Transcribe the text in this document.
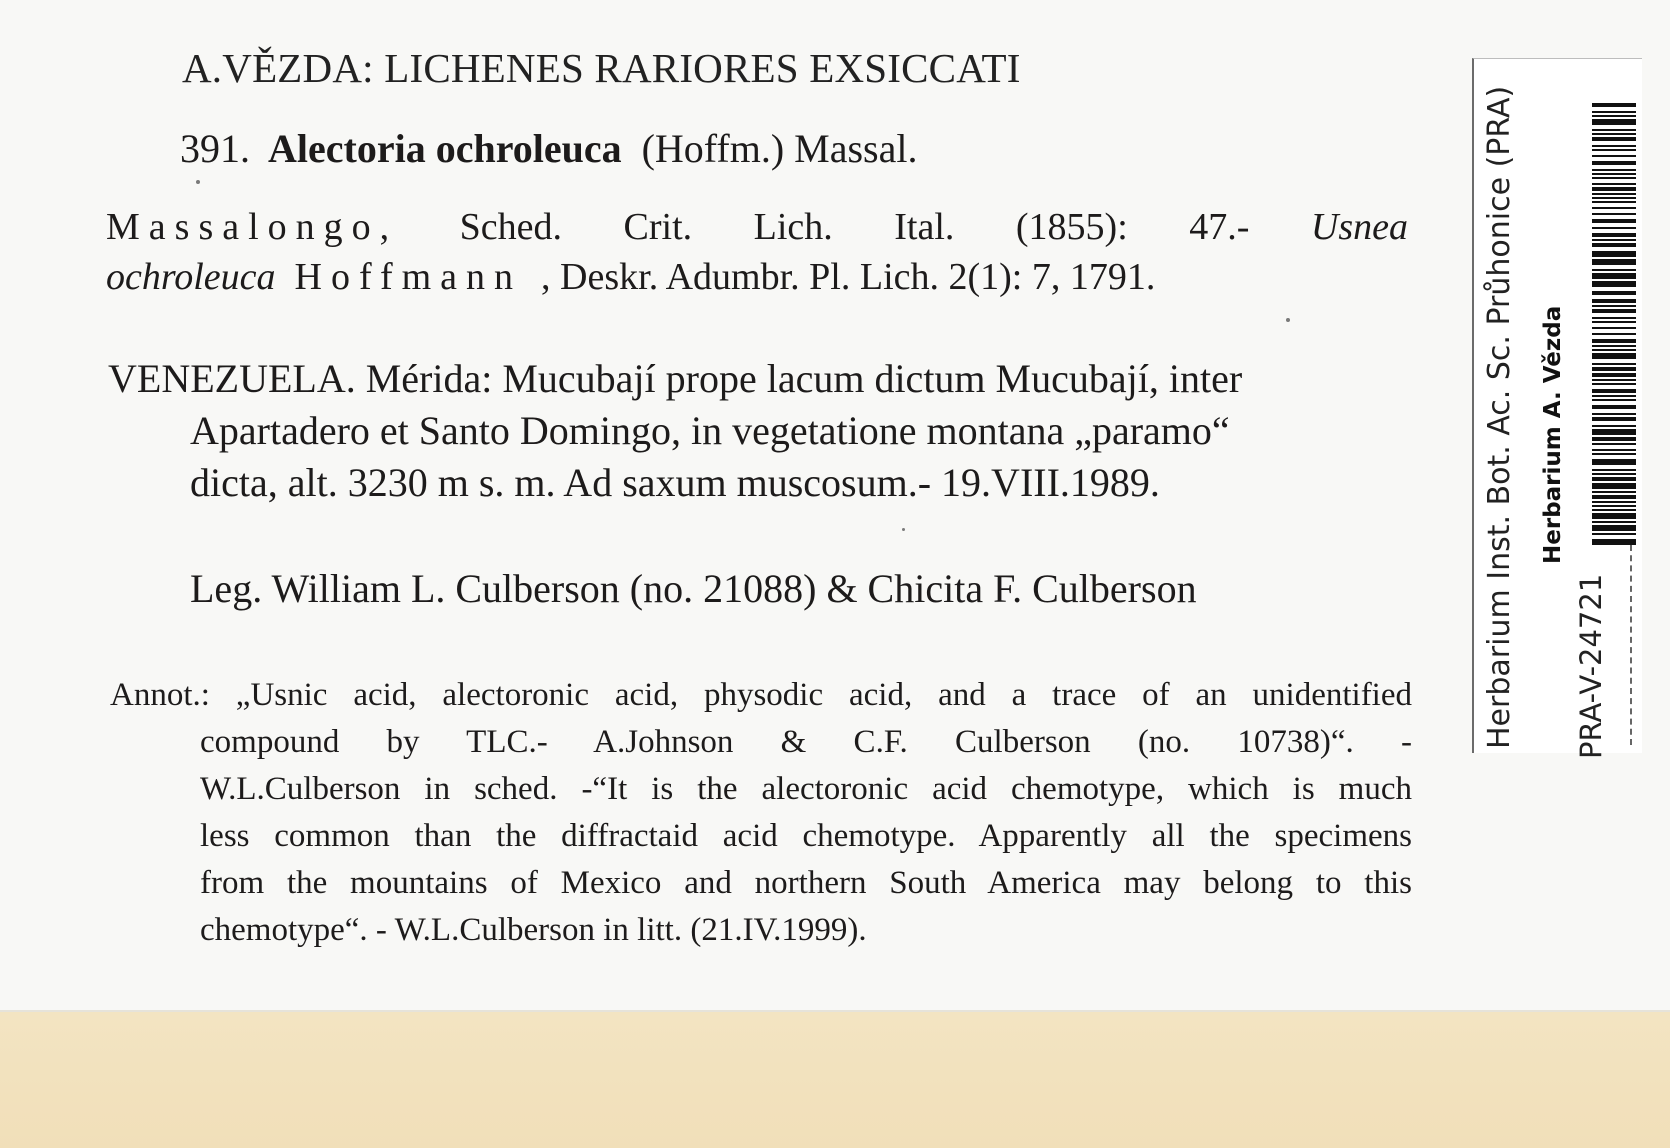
A.VĚZDA: LICHENES RARIORES EXSICCATI
391. Alectoria ochroleuca (Hoffm.) Massal.
Massalongo, Sched. Crit. Lich. Ital. (1855): 47.- Usnea
ochroleuca Hoffmann , Deskr. Adumbr. Pl. Lich. 2(1): 7, 1791.
VENEZUELA. Mérida: Mucubají prope lacum dictum Mucubají, inter
Apartadero et Santo Domingo, in vegetatione montana „paramo“
dicta, alt. 3230 m s. m. Ad saxum muscosum.- 19.VIII.1989.
Leg. William L. Culberson (no. 21088) & Chicita F. Culberson
Annot.: „Usnic acid, alectoronic acid, physodic acid, and a trace of an unidentified
compound by TLC.- A.Johnson & C.F. Culberson (no. 10738)“. -
W.L.Culberson in sched. -“It is the alectoronic acid chemotype, which is much
less common than the diffractaid acid chemotype. Apparently all the specimens
from the mountains of Mexico and northern South America may belong to this
chemotype“. - W.L.Culberson in litt. (21.IV.1999).
Herbarium Inst. Bot. Ac. Sc. Průhonice (PRA) Herbarium A. Vězda
PRA-V-24721
